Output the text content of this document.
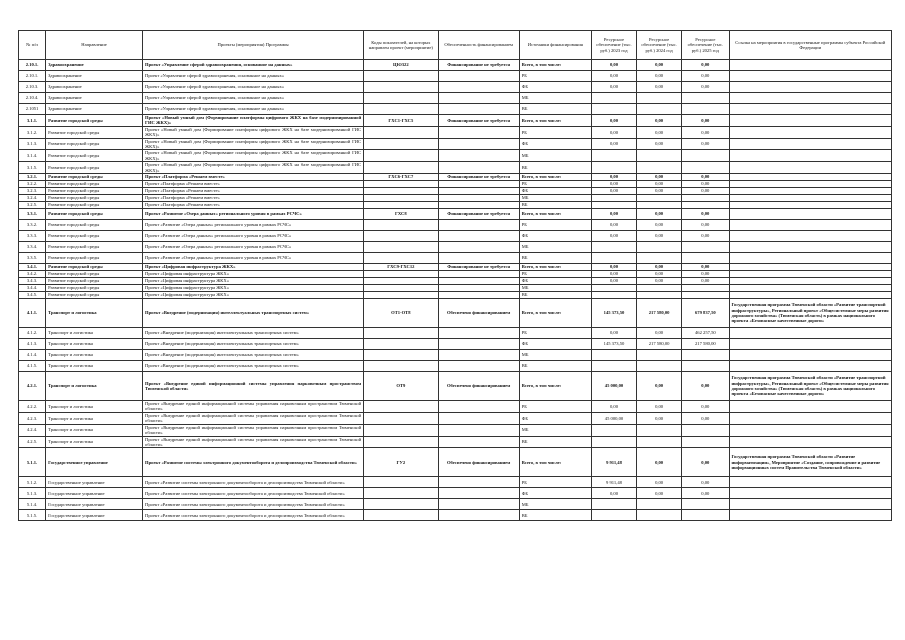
№ п/п	Направление	Проекты (мероприятия) Программы	Коды показателей, на которых направлен проект (мероприятие)	Обеспеченность финансированием	Источники финансирования	Ресурсное обеспечение (тыс. руб.) 2023 год	Ресурсное обеспечение (тыс. руб.) 2024 год	Ресурсное обеспечение (тыс. руб.) 2025 год	Ссылка на мероприятия в государственные программы субъекта Российской Федерации
2.10.1.	Здравоохранение	Проект «Управление сферой здравоохранения, основанное на данных»	ЦЮ322	Финансирование не требуется	Всего, в том числе:	0,00	0,00	0,00	
2.10.1.	Здравоохранение	Проект «Управление сферой здравоохранения, основанное на данных»			РБ	0,00	0,00	0,00	
2.10.3.	Здравоохранение	Проект «Управление сферой здравоохранения, основанное на данных»			ФБ	0,00	0,00	0,00	
2.10.4.	Здравоохранение	Проект «Управление сферой здравоохранения, основанное на данных»			МБ				
2.1051	Здравоохранение	Проект «Управление сферой здравоохранения, основанное на данных»			ВБ				
3.1.1.	Развитие городской среды	Проект «Новый умный дом (Формирование платформы цифрового ЖКХ на базе модернизированной ГИС ЖКХ)»	ГХС1-ГХС5	Финансирование не требуется	Всего, в том числе:	0,00	0,00	0,00	
3.1.2.	Развитие городской среды	Проект «Новый умный дом (Формирование платформы цифрового ЖКХ на базе модернизированной ГИС ЖКХ)»			РБ	0,00	0,00	0,00	
3.1.3.	Развитие городской среды	Проект «Новый умный дом (Формирование платформы цифрового ЖКХ на базе модернизированной ГИС ЖКХ)»			ФБ	0,00	0,00	0,00	
3.1.4.	Развитие городской среды	Проект «Новый умный дом (Формирование платформы цифрового ЖКХ на базе модернизированной ГИС ЖКХ)»			МБ				
3.1.5.	Развитие городской среды	Проект «Новый умный дом (Формирование платформы цифрового ЖКХ на базе модернизированной ГИС ЖКХ)»			ВБ				
3.2.1.	Развитие городской среды	Проект «Платформа «Решаем вместе»	ГХС6-ГХС7	Финансирование не требуется	Всего, в том числе:	0,00	0,00	0,00	
3.2.2.	Развитие городской среды	Проект «Платформа «Решаем вместе»			РБ	0,00	0,00	0,00	
3.2.3.	Развитие городской среды	Проект «Платформа «Решаем вместе»			ФБ	0,00	0,00	0,00	
3.2.4.	Развитие городской среды	Проект «Платформа «Решаем вместе»			МБ				
3.2.5.	Развитие городской среды	Проект «Платформа «Решаем вместе»			ВБ				
3.3.1.	Развитие городской среды	Проект «Развитие «Озера данных» регионального уровня в рамках РСЧС»	ГХС8	Финансирование не требуется	Всего, в том числе:	0,00	0,00	0,00	
3.3.2.	Развитие городской среды	Проект «Развитие «Озера данных» регионального уровня в рамках РСЧС»			РБ	0,00	0,00	0,00	
3.3.3.	Развитие городской среды	Проект «Развитие «Озера данных» регионального уровня в рамках РСЧС»			ФБ	0,00	0,00	0,00	
3.3.4.	Развитие городской среды	Проект «Развитие «Озера данных» регионального уровня в рамках РСЧС»			МБ				
3.3.5.	Развитие городской среды	Проект «Развитие «Озера данных» регионального уровня в рамках РСЧС»			ВБ				
3.4.1.	Развитие городской среды	Проект «Цифровая инфраструктура ЖКХ»	ГХС9-ГХС12	Финансирование не требуется	Всего, в том числе:	0,00	0,00	0,00	
3.4.2.	Развитие городской среды	Проект «Цифровая инфраструктура ЖКХ»			РБ	0,00	0,00	0,00	
3.4.3.	Развитие городской среды	Проект «Цифровая инфраструктура ЖКХ»			ФБ	0,00	0,00	0,00	
3.4.4.	Развитие городской среды	Проект «Цифровая инфраструктура ЖКХ»			МБ				
3.4.5.	Развитие городской среды	Проект «Цифровая инфраструктура ЖКХ»			ВБ				
4.1.1.	Транспорт и логистика	Проект «Внедрение (модернизация) интеллектуальных транспортных систем»	ОТ1-ОТ8	Обеспечено финансированием	Всего, в том числе:	145 373,50	217 580,00	679 837,50	Государственная программа Тюменской области «Развитие транспортной инфраструктуры», Региональный проект «Общесистемные меры развития дорожного хозяйства» (Тюменская область) в рамках национального проекта «Безопасные качественные дороги»
4.1.2.	Транспорт и логистика	Проект «Внедрение (модернизация) интеллектуальных транспортных систем»			РБ	0,00	0,00	462 257,50	
4.1.3.	Транспорт и логистика	Проект «Внедрение (модернизация) интеллектуальных транспортных систем»			ФБ	145 373,50	217 580,00	217 580,00	
4.1.4.	Транспорт и логистика	Проект «Внедрение (модернизация) интеллектуальных транспортных систем»			МБ				
4.1.5.	Транспорт и логистика	Проект «Внедрение (модернизация) интеллектуальных транспортных систем»			ВБ				
4.2.1.	Транспорт и логистика	Проект «Внедрение единой информационной системы управления парковочным пространством Тюменской области»	ОТ9	Обеспечено финансированием	Всего, в том числе:	45 000,00	0,00	0,00	Государственная программа Тюменской области «Развитие транспортной инфраструктуры», Региональный проект «Общесистемные меры развития дорожного хозяйства» (Тюменская область) в рамках национального проекта «Безопасные качественные дороги»
4.2.2.	Транспорт и логистика	Проект «Внедрение единой информационной системы управления парковочным пространством Тюменской области»			РБ	0,00	0,00	0,00	
4.2.3.	Транспорт и логистика	Проект «Внедрение единой информационной системы управления парковочным пространством Тюменской области»			ФБ	45 000,00	0,00	0,00	
4.2.4.	Транспорт и логистика	Проект «Внедрение единой информационной системы управления парковочным пространством Тюменской области»			МБ				
4.2.5.	Транспорт и логистика	Проект «Внедрение единой информационной системы управления парковочным пространством Тюменской области»			ВБ				
5.1.1.	Государственное управление	Проект «Развитие системы электронного документооборота и делопроизводства Тюменской области»	ГУ2	Обеспечено финансированием	Всего, в том числе:	9 911,48	0,00	0,00	Государственная программа Тюменской области «Развитие информатизации», Мероприятие «Создание, сопровождение и развитие информационных систем Правительства Тюменской области»
5.1.2.	Государственное управление	Проект «Развитие системы электронного документооборота и делопроизводства Тюменской области»			РБ	9 911,48	0,00	0,00	
5.1.3.	Государственное управление	Проект «Развитие системы электронного документооборота и делопроизводства Тюменской области»			ФБ	0,00	0,00	0,00	
5.1.4.	Государственное управление	Проект «Развитие системы электронного документооборота и делопроизводства Тюменской области»			МБ				
5.1.5.	Государственное управление	Проект «Развитие системы электронного документооборота и делопроизводства Тюменской области»			ВБ				
